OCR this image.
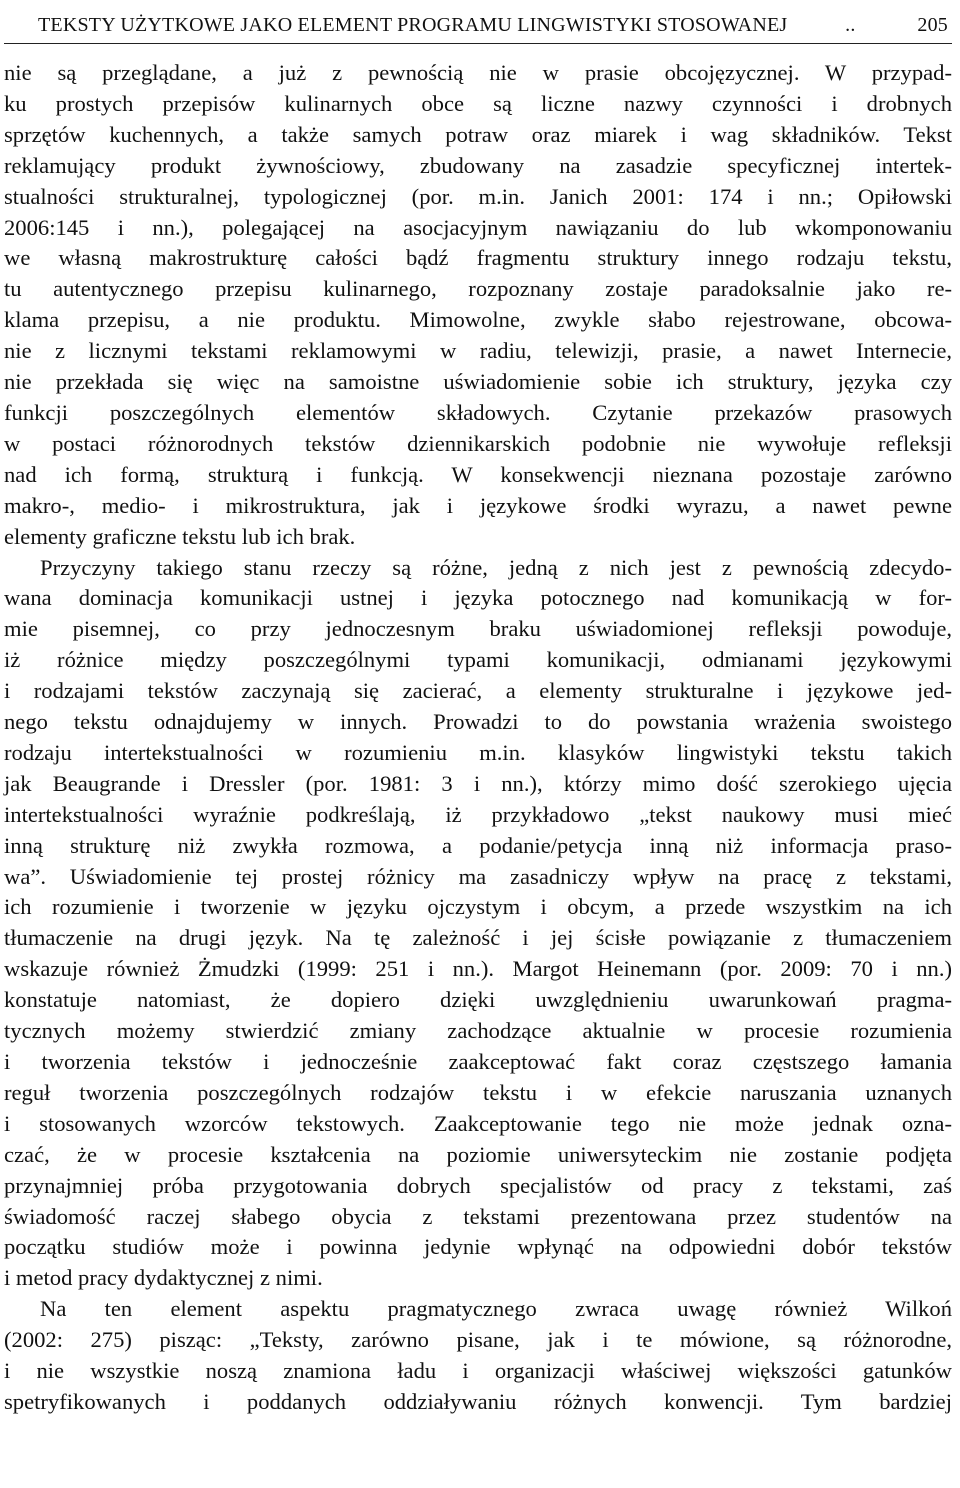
TEKSTY UŻYTKOWE JAKO ELEMENT PROGRAMU LINGWISTYKI STOSOWANEJ	..	205

nie są przeglądane, a już z pewnością nie w prasie obcojęzycznej. W przypad-

ku prostych przepisów kulinarnych obce są liczne nazwy czynności i drobnych

sprzętów kuchennych, a także samych potraw oraz miarek i wag składników. Tekst

reklamujący produkt żywnościowy, zbudowany na zasadzie specyficznej intertek-

stualności strukturalnej, typologicznej (por. m.in. Janich 2001: 174 i nn.; Opiłowski

2006:145 i nn.), polegającej na asocjacyjnym nawiązaniu do lub wkomponowaniu

we własną makrostrukturę całości bądź fragmentu struktury innego rodzaju tekstu,

tu autentycznego przepisu kulinarnego, rozpoznany zostaje paradoksalnie jako re-

klama przepisu, a nie produktu. Mimowolne, zwykle słabo rejestrowane, obcowa-

nie z licznymi tekstami reklamowymi w radiu, telewizji, prasie, a nawet Internecie,

nie przekłada się więc na samoistne uświadomienie sobie ich struktury, języka czy

funkcji poszczególnych elementów składowych. Czytanie przekazów prasowych

w postaci różnorodnych tekstów dziennikarskich podobnie nie wywołuje refleksji

nad ich formą, strukturą i funkcją. W konsekwencji nieznana pozostaje zarówno

makro-, medio- i mikrostruktura, jak i językowe środki wyrazu, a nawet pewne

elementy graficzne tekstu lub ich brak.

Przyczyny takiego stanu rzeczy są różne, jedną z nich jest z pewnością zdecydo-

wana dominacja komunikacji ustnej i języka potocznego nad komunikacją w for-

mie pisemnej, co przy jednoczesnym braku uświadomionej refleksji powoduje,

iż różnice między poszczególnymi typami komunikacji, odmianami językowymi

i rodzajami tekstów zaczynają się zacierać, a elementy strukturalne i językowe jed-

nego tekstu odnajdujemy w innych. Prowadzi to do powstania wrażenia swoistego

rodzaju intertekstualności w rozumieniu m.in. klasyków lingwistyki tekstu takich

jak Beaugrande i Dressler (por. 1981: 3 i nn.), którzy mimo dość szerokiego ujęcia

intertekstualności wyraźnie podkreślają, iż przykładowo „tekst naukowy musi mieć

inną strukturę niż zwykła rozmowa, a podanie/petycja inną niż informacja praso-

wa”. Uświadomienie tej prostej różnicy ma zasadniczy wpływ na pracę z tekstami,

ich rozumienie i tworzenie w języku ojczystym i obcym, a przede wszystkim na ich

tłumaczenie na drugi język. Na tę zależność i jej ścisłe powiązanie z tłumaczeniem

wskazuje również Żmudzki (1999: 251 i nn.). Margot Heinemann (por. 2009: 70 i nn.)

konstatuje natomiast, że dopiero dzięki uwzględnieniu uwarunkowań pragma-

tycznych możemy stwierdzić zmiany zachodzące aktualnie w procesie rozumienia

i tworzenia tekstów i jednocześnie zaakceptować fakt coraz częstszego łamania

reguł tworzenia poszczególnych rodzajów tekstu i w efekcie naruszania uznanych

i stosowanych wzorców tekstowych. Zaakceptowanie tego nie może jednak ozna-

czać, że w procesie kształcenia na poziomie uniwersyteckim nie zostanie podjęta

przynajmniej próba przygotowania dobrych specjalistów od pracy z tekstami, zaś

świadomość raczej słabego obycia z tekstami prezentowana przez studentów na

początku studiów może i powinna jedynie wpłynąć na odpowiedni dobór tekstów

i metod pracy dydaktycznej z nimi.

Na ten element aspektu pragmatycznego zwraca uwagę również Wilkoń

(2002: 275) pisząc: „Teksty, zarówno pisane, jak i te mówione, są różnorodne,

i nie wszystkie noszą znamiona ładu i organizacji właściwej większości gatunków

spetryfikowanych i poddanych oddziaływaniu różnych konwencji. Tym bardziej
